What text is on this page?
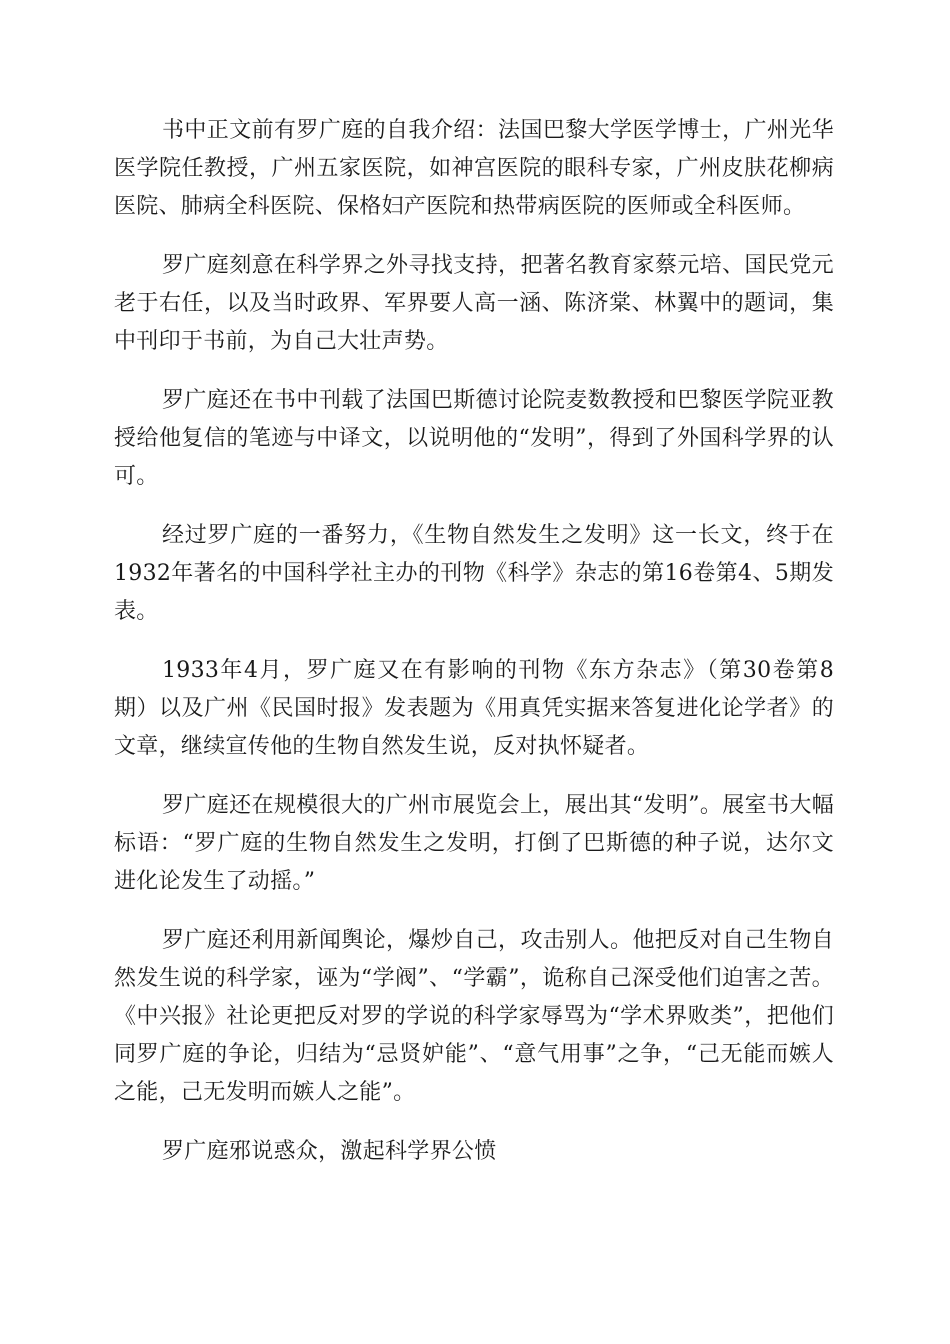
书中正文前有罗广庭的自我介绍：法国巴黎大学医学博士，广州光华医学院任教授，广州五家医院，如神宫医院的眼科专家，广州皮肤花柳病医院、肺病全科医院、保格妇产医院和热带病医院的医师或全科医师。

罗广庭刻意在科学界之外寻找支持，把著名教育家蔡元培、国民党元老于右任，以及当时政界、军界要人高一涵、陈济棠、林翼中的题词，集中刊印于书前，为自己大壮声势。

罗广庭还在书中刊载了法国巴斯德讨论院麦数教授和巴黎医学院亚教授给他复信的笔迹与中译文，以说明他的“发明”，得到了外国科学界的认可。

经过罗广庭的一番努力，《生物自然发生之发明》这一长文，终于在1932年著名的中国科学社主办的刊物《科学》杂志的第16卷第4、5期发表。

1933年4月，罗广庭又在有影响的刊物《东方杂志》（第30卷第8期）以及广州《民国时报》发表题为《用真凭实据来答复进化论学者》的文章，继续宣传他的生物自然发生说，反对执怀疑者。

罗广庭还在规模很大的广州市展览会上，展出其“发明”。展室书大幅标语：“罗广庭的生物自然发生之发明，打倒了巴斯德的种子说，达尔文进化论发生了动摇。”

罗广庭还利用新闻舆论，爆炒自己，攻击别人。他把反对自己生物自然发生说的科学家，诬为“学阀”、“学霸”，诡称自己深受他们迫害之苦。《中兴报》社论更把反对罗的学说的科学家辱骂为“学术界败类”，把他们同罗广庭的争论，归结为“忌贤妒能”、“意气用事”之争，“己无能而嫉人之能，己无发明而嫉人之能”。

罗广庭邪说惑众，激起科学界公愤
